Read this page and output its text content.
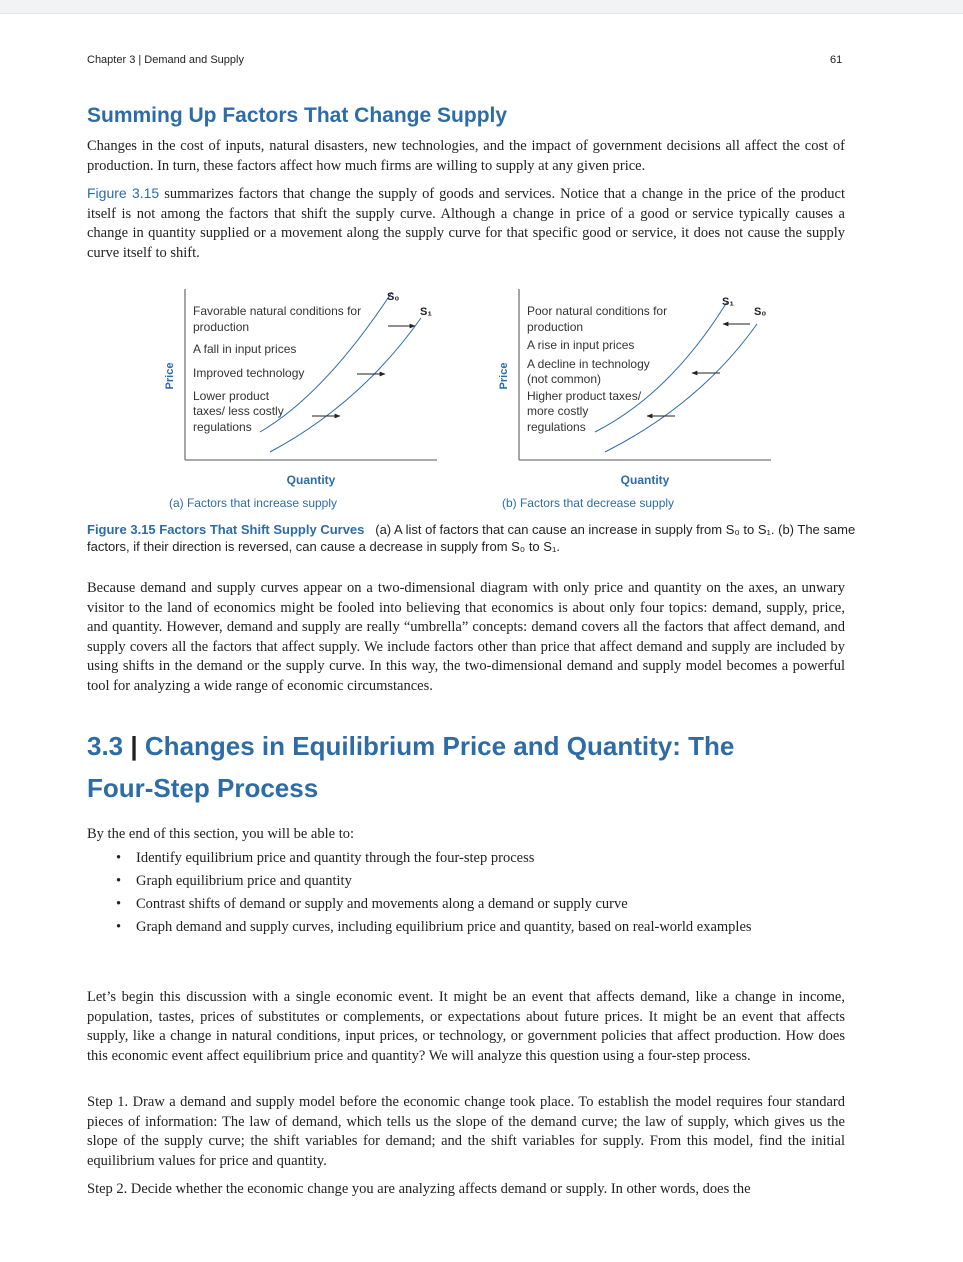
Chapter 3 | Demand and Supply	61
Summing Up Factors That Change Supply

Changes in the cost of inputs, natural disasters, new technologies, and the impact of government decisions all affect the cost of production. In turn, these factors affect how much firms are willing to supply at any given price.

Figure 3.15 summarizes factors that change the supply of goods and services. Notice that a change in the price of the product itself is not among the factors that shift the supply curve. Although a change in price of a good or service typically causes a change in quantity supplied or a movement along the supply curve for that specific good or service, it does not cause the supply curve itself to shift.

S₀
S₁
Favorable natural conditions for
production
A fall in input prices
Improved technology
Lower product
taxes/ less costly
regulations
Price
Quantity
(a) Factors that increase supply
S₁
S₀
Poor natural conditions for
production
A rise in input prices
A decline in technology
(not common)
Higher product taxes/
more costly
regulations
Price
Quantity
(b) Factors that decrease supply
Figure 3.15 Factors That Shift Supply Curves (a) A list of factors that can cause an increase in supply from S₀ to S₁. (b) The same factors, if their direction is reversed, can cause a decrease in supply from S₀ to S₁.

Because demand and supply curves appear on a two-dimensional diagram with only price and quantity on the axes, an unwary visitor to the land of economics might be fooled into believing that economics is about only four topics: demand, supply, price, and quantity. However, demand and supply are really “umbrella” concepts: demand covers all the factors that affect demand, and supply covers all the factors that affect supply. We include factors other than price that affect demand and supply are included by using shifts in the demand or the supply curve. In this way, the two-dimensional demand and supply model becomes a powerful tool for analyzing a wide range of economic circumstances.

3.3 | Changes in Equilibrium Price and Quantity: The
Four-Step Process
By the end of this section, you will be able to:
• Identify equilibrium price and quantity through the four-step process
• Graph equilibrium price and quantity
• Contrast shifts of demand or supply and movements along a demand or supply curve
• Graph demand and supply curves, including equilibrium price and quantity, based on real-world examples

Let’s begin this discussion with a single economic event. It might be an event that affects demand, like a change in income, population, tastes, prices of substitutes or complements, or expectations about future prices. It might be an event that affects supply, like a change in natural conditions, input prices, or technology, or government policies that affect production. How does this economic event affect equilibrium price and quantity? We will analyze this question using a four-step process.

Step 1. Draw a demand and supply model before the economic change took place. To establish the model requires four standard pieces of information: The law of demand, which tells us the slope of the demand curve; the law of supply, which gives us the slope of the supply curve; the shift variables for demand; and the shift variables for supply. From this model, find the initial equilibrium values for price and quantity.

Step 2. Decide whether the economic change you are analyzing affects demand or supply. In other words, does the
